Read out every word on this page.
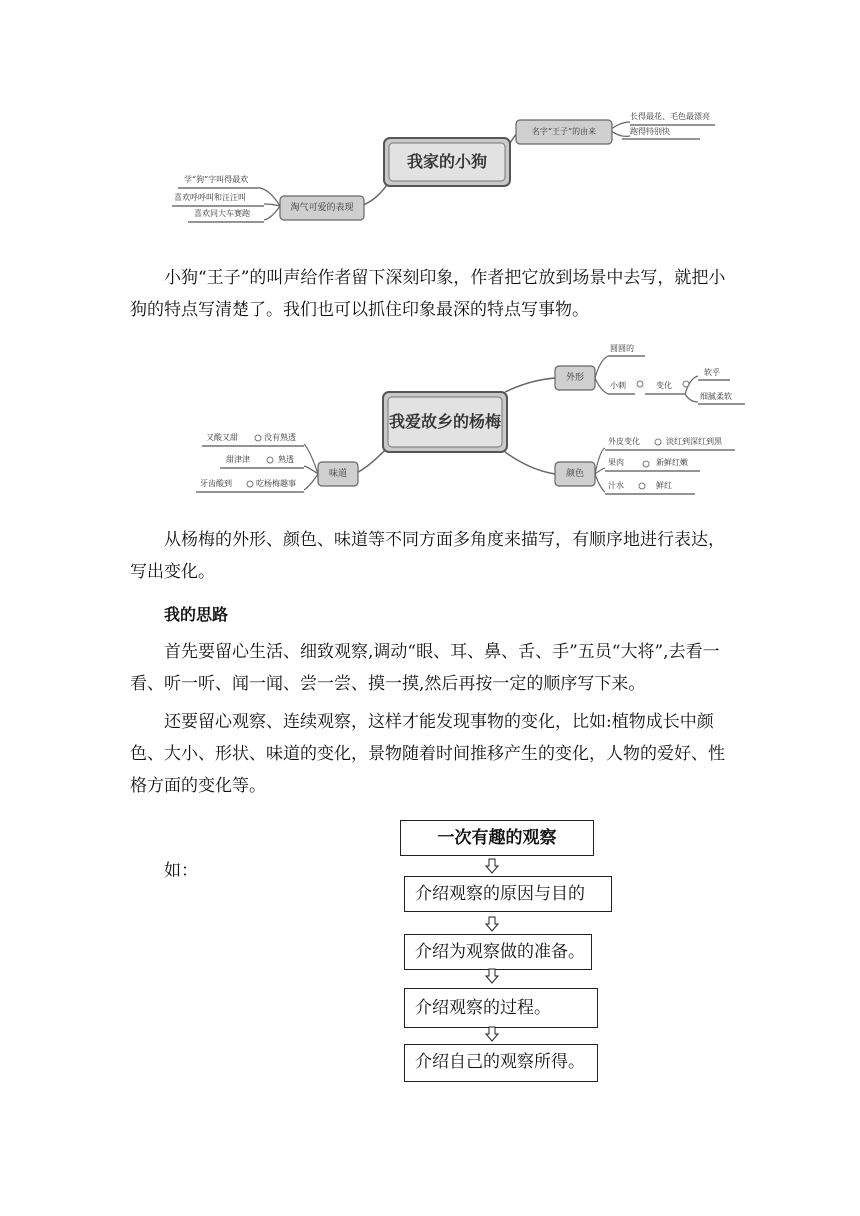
我家的小狗
名字“王子”的由来
淘气可爱的表现
长得最花、毛色最漂亮
跑得特别快
学“狗”字叫得最欢
喜欢呼呼叫和汪汪叫
喜欢同大车赛跑

小狗“王子”的叫声给作者留下深刻印象，作者把它放到场景中去写，就把小狗的特点写清楚了。我们也可以抓住印象最深的特点写事物。

我爱故乡的杨梅
外形
颜色
味道
圆圆的
小刺	变化
软乎
细腻柔软
外皮变化	淡红到深红到黑
果肉	新鲜红嫩
汁水	鲜红
又酸又甜	没有熟透
甜津津	熟透
牙齿酸到	吃杨梅趣事

从杨梅的外形、颜色、味道等不同方面多角度来描写，有顺序地进行表达，写出变化。

我的思路

首先要留心生活、细致观察,调动“眼、耳、鼻、舌、手”五员“大将”,去看一看、听一听、闻一闻、尝一尝、摸一摸,然后再按一定的顺序写下来。

还要留心观察、连续观察，这样才能发现事物的变化，比如:植物成长中颜色、大小、形状、味道的变化，景物随着时间推移产生的变化，人物的爱好、性格方面的变化等。

如：
一次有趣的观察
介绍观察的原因与目的
介绍为观察做的准备。
介绍观察的过程。
介绍自己的观察所得。
